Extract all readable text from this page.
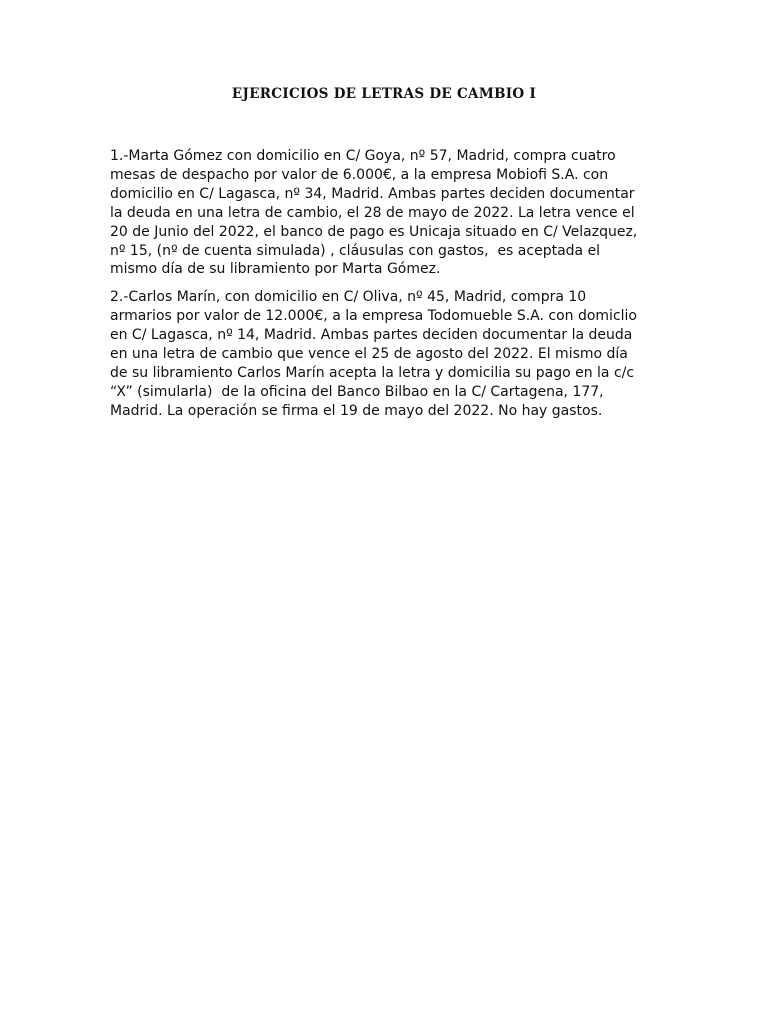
EJERCICIOS DE LETRAS DE CAMBIO I

1.-Marta Gómez con domicilio en C/ Goya, nº 57, Madrid, compra cuatro
mesas de despacho por valor de 6.000€, a la empresa Mobiofi S.A. con
domicilio en C/ Lagasca, nº 34, Madrid. Ambas partes deciden documentar
la deuda en una letra de cambio, el 28 de mayo de 2022. La letra vence el
20 de Junio del 2022, el banco de pago es Unicaja situado en C/ Velazquez,
nº 15, (nº de cuenta simulada) , cláusulas con gastos,  es aceptada el
mismo día de su libramiento por Marta Gómez.

2.-Carlos Marín, con domicilio en C/ Oliva, nº 45, Madrid, compra 10
armarios por valor de 12.000€, a la empresa Todomueble S.A. con domiclio
en C/ Lagasca, nº 14, Madrid. Ambas partes deciden documentar la deuda
en una letra de cambio que vence el 25 de agosto del 2022. El mismo día
de su libramiento Carlos Marín acepta la letra y domicilia su pago en la c/c
“X” (simularla)  de la oficina del Banco Bilbao en la C/ Cartagena, 177,
Madrid. La operación se firma el 19 de mayo del 2022. No hay gastos.
